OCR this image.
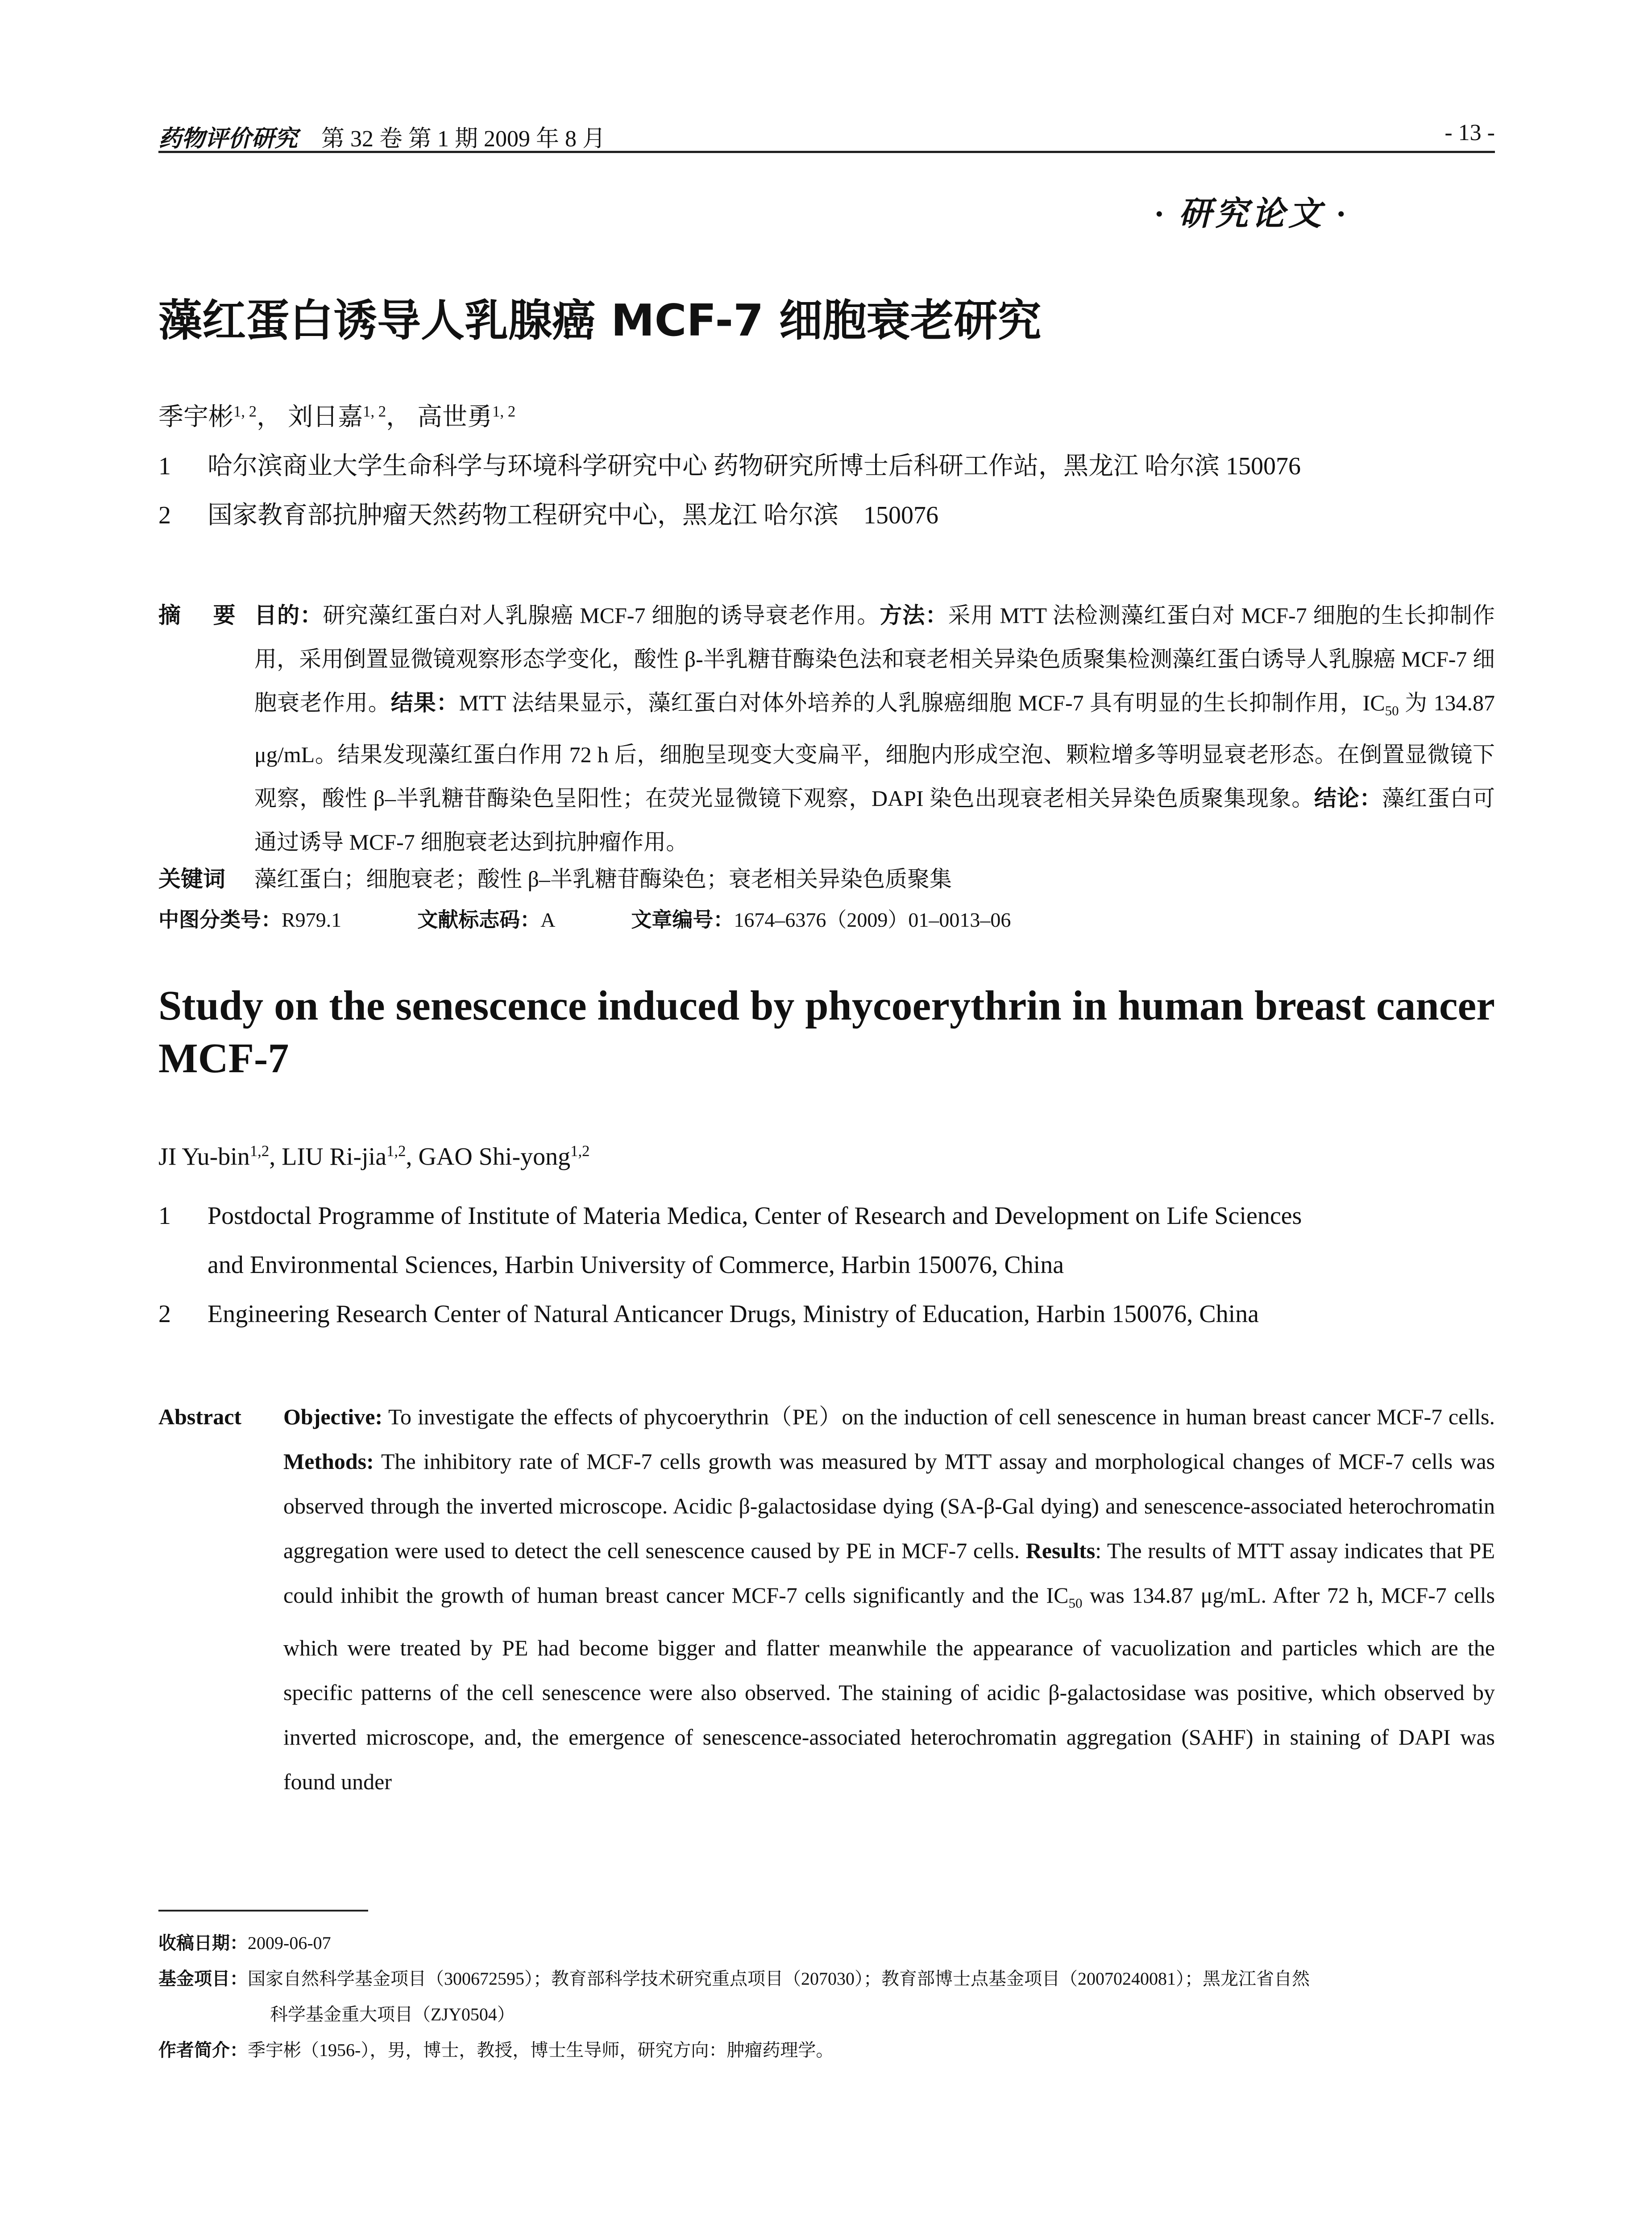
药物评价研究 第 32 卷 第 1 期 2009 年 8 月	- 13 -
· 研究论文 ·
藻红蛋白诱导人乳腺癌 MCF-7 细胞衰老研究
季宇彬$^{1, 2}$， 刘日嘉$^{1, 2}$， 高世勇$^{1, 2}$
1 哈尔滨商业大学生命科学与环境科学研究中心 药物研究所博士后科研工作站，黑龙江 哈尔滨 150076
2 国家教育部抗肿瘤天然药物工程研究中心，黑龙江 哈尔滨　150076
摘 要 目的：研究藻红蛋白对人乳腺癌 MCF-7 细胞的诱导衰老作用。方法：采用 MTT 法检测藻红蛋白对 MCF-7 细胞的生长抑制作用，采用倒置显微镜观察形态学变化，酸性 β-半乳糖苷酶染色法和衰老相关异染色质聚集检测藻红蛋白诱导人乳腺癌 MCF-7 细胞衰老作用。结果：MTT 法结果显示，藻红蛋白对体外培养的人乳腺癌细胞 MCF-7 具有明显的生长抑制作用，$IC_{50}$ 为 134.87 μg/mL。结果发现藻红蛋白作用 72 h 后，细胞呈现变大变扁平，细胞内形成空泡、颗粒增多等明显衰老形态。在倒置显微镜下观察，酸性 β–半乳糖苷酶染色呈阳性；在荧光显微镜下观察，DAPI 染色出现衰老相关异染色质聚集现象。结论：藻红蛋白可通过诱导 MCF-7 细胞衰老达到抗肿瘤作用。
关键词 藻红蛋白；细胞衰老；酸性 β–半乳糖苷酶染色；衰老相关异染色质聚集
中图分类号：R979.1	文献标志码：A	文章编号：1674–6376（2009）01–0013–06
Study on the senescence induced by phycoerythrin in human breast cancer MCF-7
JI Yu-bin$^{1,2}$, LIU Ri-jia$^{1,2}$, GAO Shi-yong$^{1,2}$
1 Postdoctal Programme of Institute of Materia Medica, Center of Research and Development on Life Sciences
and Environmental Sciences, Harbin University of Commerce, Harbin 150076, China
2 Engineering Research Center of Natural Anticancer Drugs, Ministry of Education, Harbin 150076, China
Abstract Objective: To investigate the effects of phycoerythrin（PE）on the induction of cell senescence in human breast cancer MCF-7 cells. Methods: The inhibitory rate of MCF-7 cells growth was measured by MTT assay and morphological changes of MCF-7 cells was observed through the inverted microscope. Acidic β-galactosidase dying (SA-β-Gal dying) and senescence-associated heterochromatin aggregation were used to detect the cell senescence caused by PE in MCF-7 cells. Results: The results of MTT assay indicates that PE could inhibit the growth of human breast cancer MCF-7 cells significantly and the $IC_{50}$ was 134.87 μg/mL. After 72 h, MCF-7 cells which were treated by PE had become bigger and flatter meanwhile the appearance of vacuolization and particles which are the specific patterns of the cell senescence were also observed. The staining of acidic β-galactosidase was positive, which observed by inverted microscope, and, the emergence of senescence-associated heterochromatin aggregation (SAHF) in staining of DAPI was found under
收稿日期：2009-06-07
基金项目：国家自然科学基金项目（300672595）；教育部科学技术研究重点项目（207030）；教育部博士点基金项目（20070240081）；黑龙江省自然
科学基金重大项目（ZJY0504）
作者简介：季宇彬（1956-），男，博士，教授，博士生导师，研究方向：肿瘤药理学。
